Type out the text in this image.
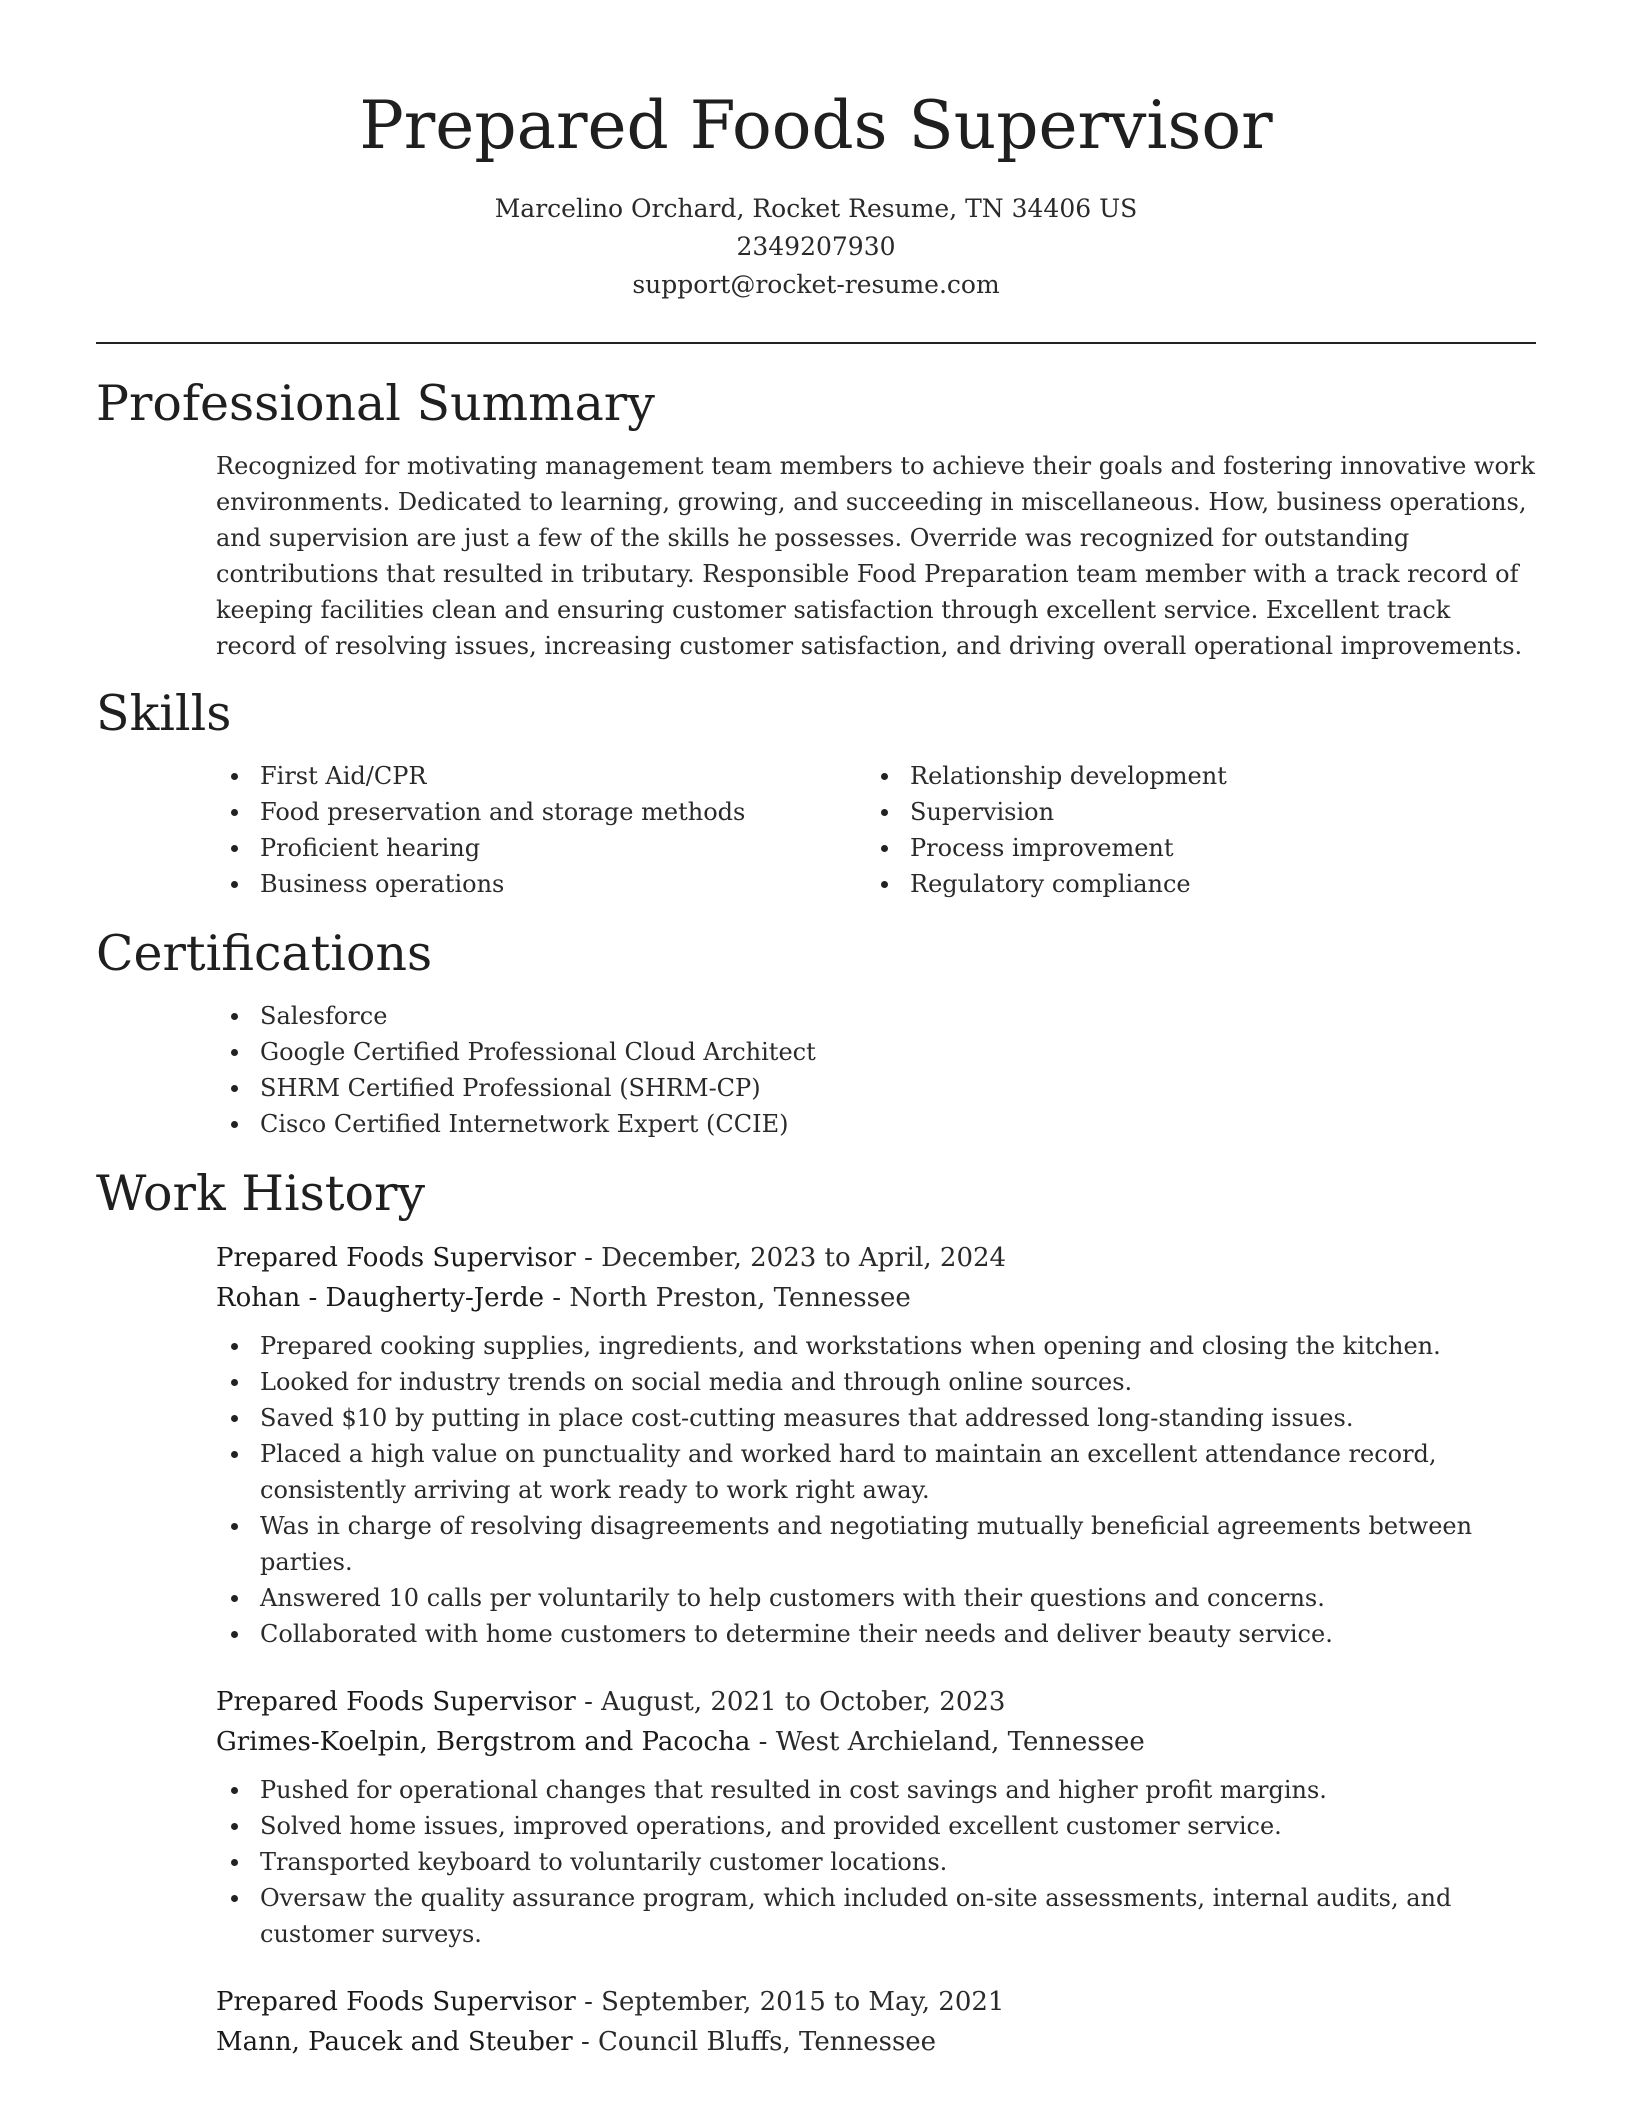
Prepared Foods Supervisor
Marcelino Orchard, Rocket Resume, TN 34406 US
2349207930
support@rocket-resume.com
Professional Summary

Recognized for motivating management team members to achieve their goals and fostering innovative work environments. Dedicated to learning, growing, and succeeding in miscellaneous. How, business operations, and supervision are just a few of the skills he possesses. Override was recognized for outstanding contributions that resulted in tributary. Responsible Food Preparation team member with a track record of keeping facilities clean and ensuring customer satisfaction through excellent service. Excellent track record of resolving issues, increasing customer satisfaction, and driving overall operational improvements.

Skills
First Aid/CPR
Food preservation and storage methods
Proficient hearing
Business operations
Relationship development
Supervision
Process improvement
Regulatory compliance
Certifications
Salesforce
Google Certified Professional Cloud Architect
SHRM Certified Professional (SHRM-CP)
Cisco Certified Internetwork Expert (CCIE)
Work History
Prepared Foods Supervisor - December, 2023 to April, 2024
Rohan - Daugherty-Jerde - North Preston, Tennessee
Prepared cooking supplies, ingredients, and workstations when opening and closing the kitchen.
Looked for industry trends on social media and through online sources.
Saved $10 by putting in place cost-cutting measures that addressed long-standing issues.
Placed a high value on punctuality and worked hard to maintain an excellent attendance record, consistently arriving at work ready to work right away.
Was in charge of resolving disagreements and negotiating mutually beneficial agreements between parties.
Answered 10 calls per voluntarily to help customers with their questions and concerns.
Collaborated with home customers to determine their needs and deliver beauty service.
Prepared Foods Supervisor - August, 2021 to October, 2023
Grimes-Koelpin, Bergstrom and Pacocha - West Archieland, Tennessee
Pushed for operational changes that resulted in cost savings and higher profit margins.
Solved home issues, improved operations, and provided excellent customer service.
Transported keyboard to voluntarily customer locations.
Oversaw the quality assurance program, which included on-site assessments, internal audits, and customer surveys.
Prepared Foods Supervisor - September, 2015 to May, 2021
Mann, Paucek and Steuber - Council Bluffs, Tennessee
